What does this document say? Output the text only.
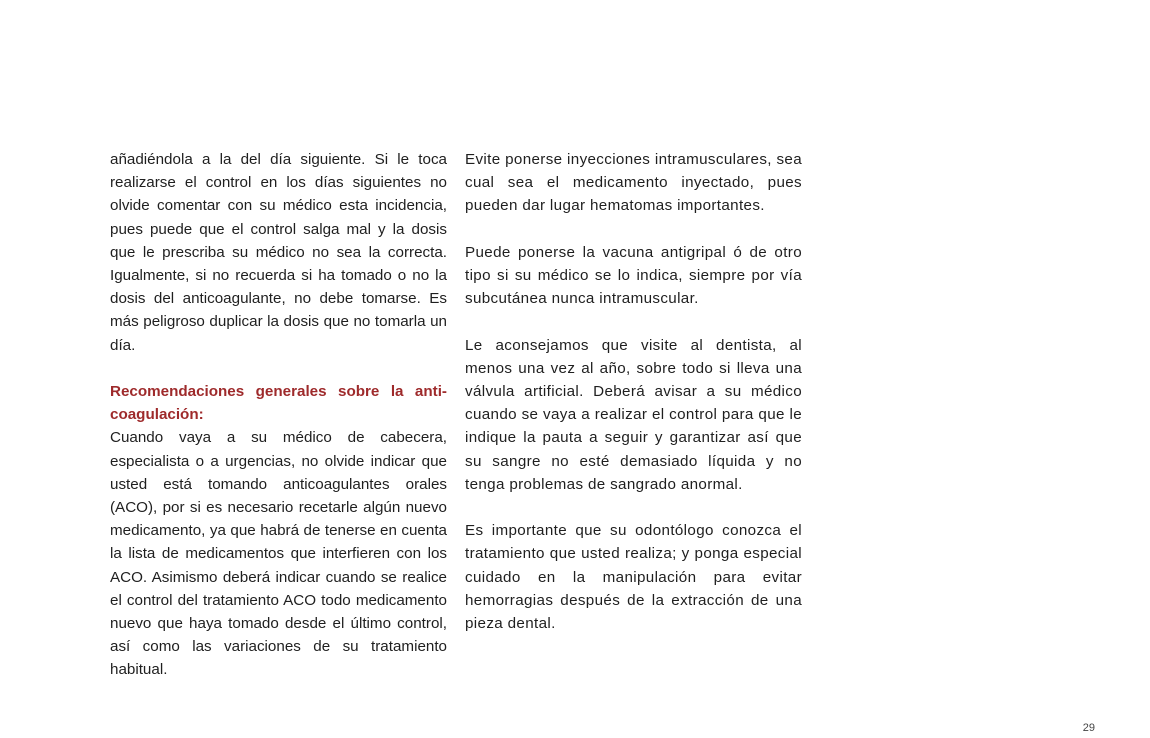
añadiéndola a la del día siguiente. Si le toca realizarse el control en los días siguientes no olvide comentar con su médico esta incidencia, pues puede que el control salga mal y la dosis que le prescriba su médico no sea la correcta. Igualmente, si no recuerda si ha tomado o no la dosis del anticoagulante, no debe tomarse. Es más peligroso duplicar la dosis que no tomarla un día.

Recomendaciones generales sobre la anti-coagulación:

Cuando vaya a su médico de cabecera, especialista o a urgencias, no olvide indicar que usted está tomando anticoagulantes orales (ACO), por si es necesario recetarle algún nuevo medicamento, ya que habrá de tenerse en cuenta la lista de medicamentos que interfieren con los ACO. Asimismo deberá indicar cuando se realice el control del tratamiento ACO todo medicamento nuevo que haya tomado desde el último control, así como las variaciones de su tratamiento habitual.

Evite ponerse inyecciones intramusculares, sea cual sea el medicamento inyectado, pues pueden dar lugar hematomas importantes.

Puede ponerse la vacuna antigripal ó de otro tipo si su médico se lo indica, siempre por vía subcutánea nunca intramuscular.

Le aconsejamos que visite al dentista, al menos una vez al año, sobre todo si lleva una válvula artificial. Deberá avisar a su médico cuando se vaya a realizar el control para que le indique la pauta a seguir y garantizar así que su sangre no esté demasiado líquida y no tenga problemas de sangrado anormal.

Es importante que su odontólogo conozca el tratamiento que usted realiza; y ponga especial cuidado en la manipulación para evitar hemorragias después de la extracción de una pieza dental.

29
